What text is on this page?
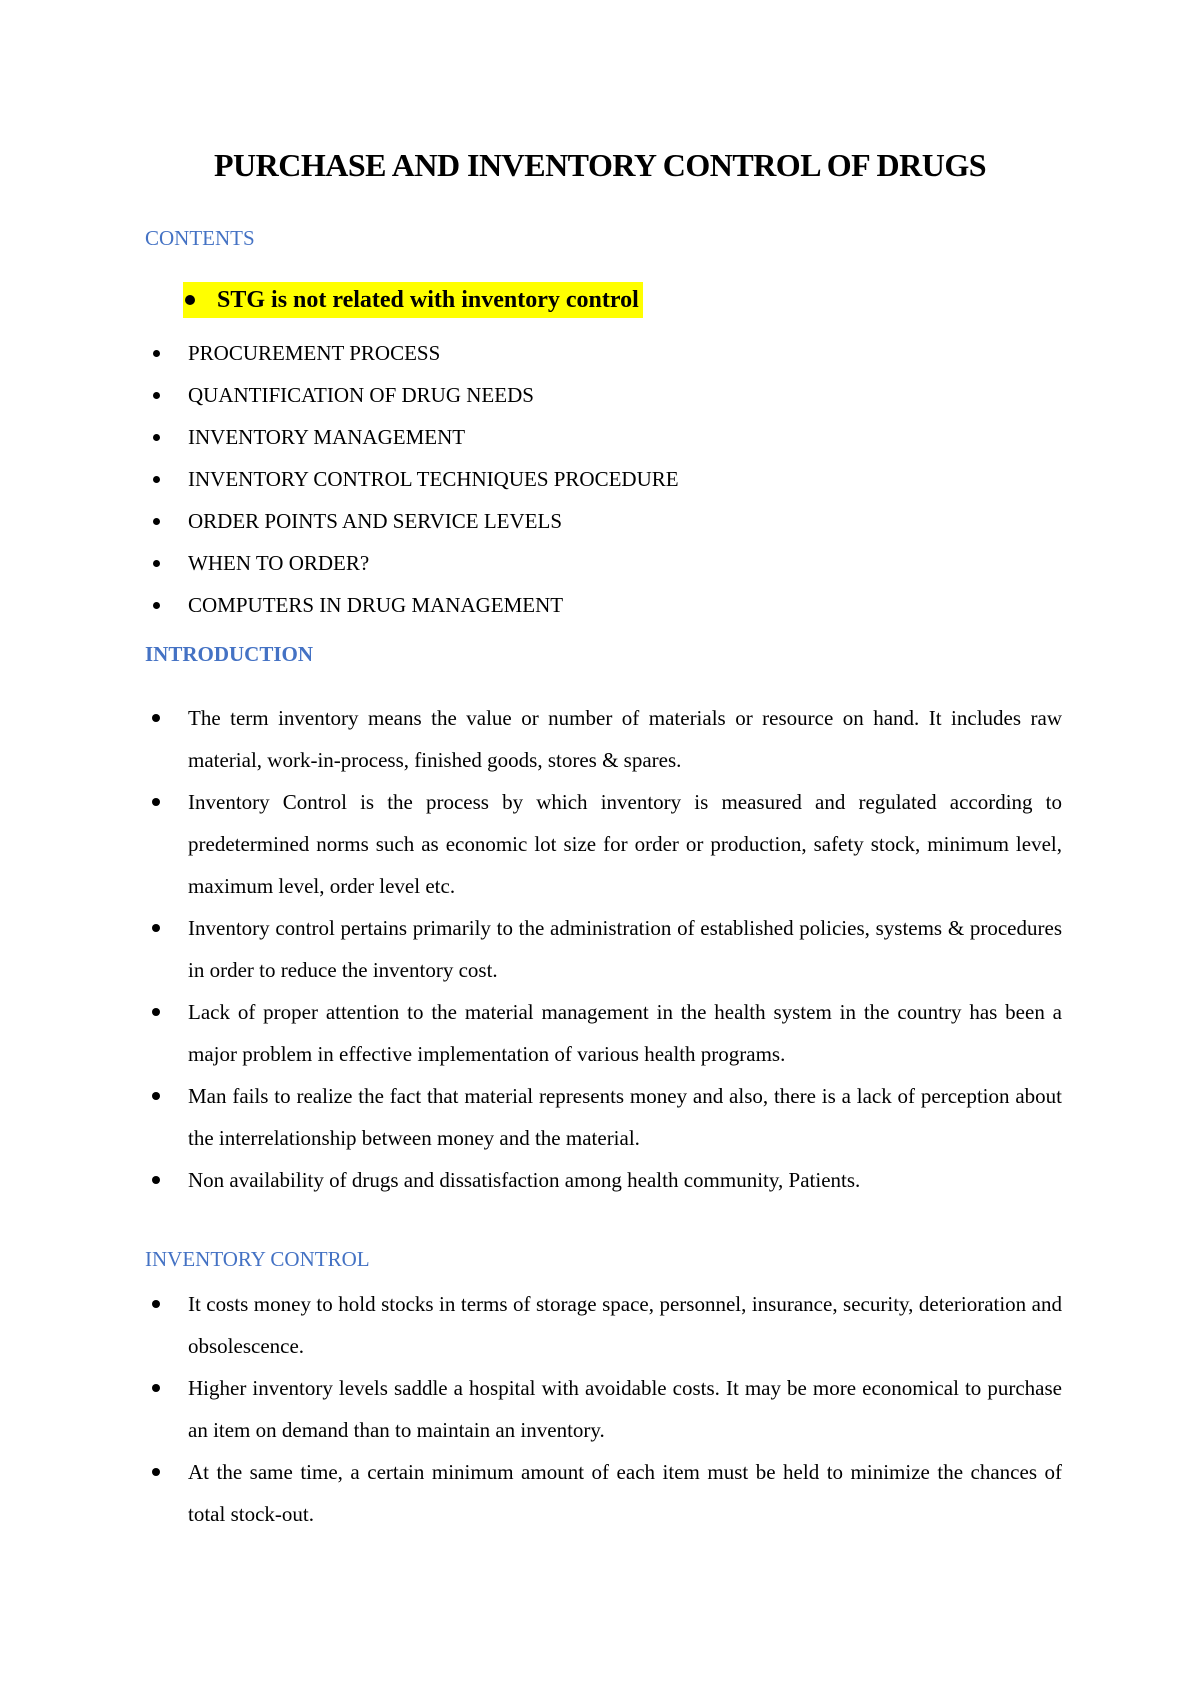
PURCHASE AND INVENTORY CONTROL OF DRUGS
CONTENTS
STG is not related with inventory control
PROCUREMENT PROCESS
QUANTIFICATION OF DRUG NEEDS
INVENTORY MANAGEMENT
INVENTORY CONTROL TECHNIQUES PROCEDURE
ORDER POINTS AND SERVICE LEVELS
WHEN TO ORDER?
COMPUTERS IN DRUG MANAGEMENT
INTRODUCTION
The term inventory means the value or number of materials or resource on hand. It includes raw material, work-in-process, finished goods, stores & spares.
Inventory Control is the process by which inventory is measured and regulated according to predetermined norms such as economic lot size for order or production, safety stock, minimum level, maximum level, order level etc.
Inventory control pertains primarily to the administration of established policies, systems & procedures in order to reduce the inventory cost.
Lack of proper attention to the material management in the health system in the country has been a major problem in effective implementation of various health programs.
Man fails to realize the fact that material represents money and also, there is a lack of perception about the interrelationship between money and the material.
Non availability of drugs and dissatisfaction among health community, Patients.
INVENTORY CONTROL
It costs money to hold stocks in terms of storage space, personnel, insurance, security, deterioration and obsolescence.
Higher inventory levels saddle a hospital with avoidable costs. It may be more economical to purchase an item on demand than to maintain an inventory.
At the same time, a certain minimum amount of each item must be held to minimize the chances of total stock-out.
